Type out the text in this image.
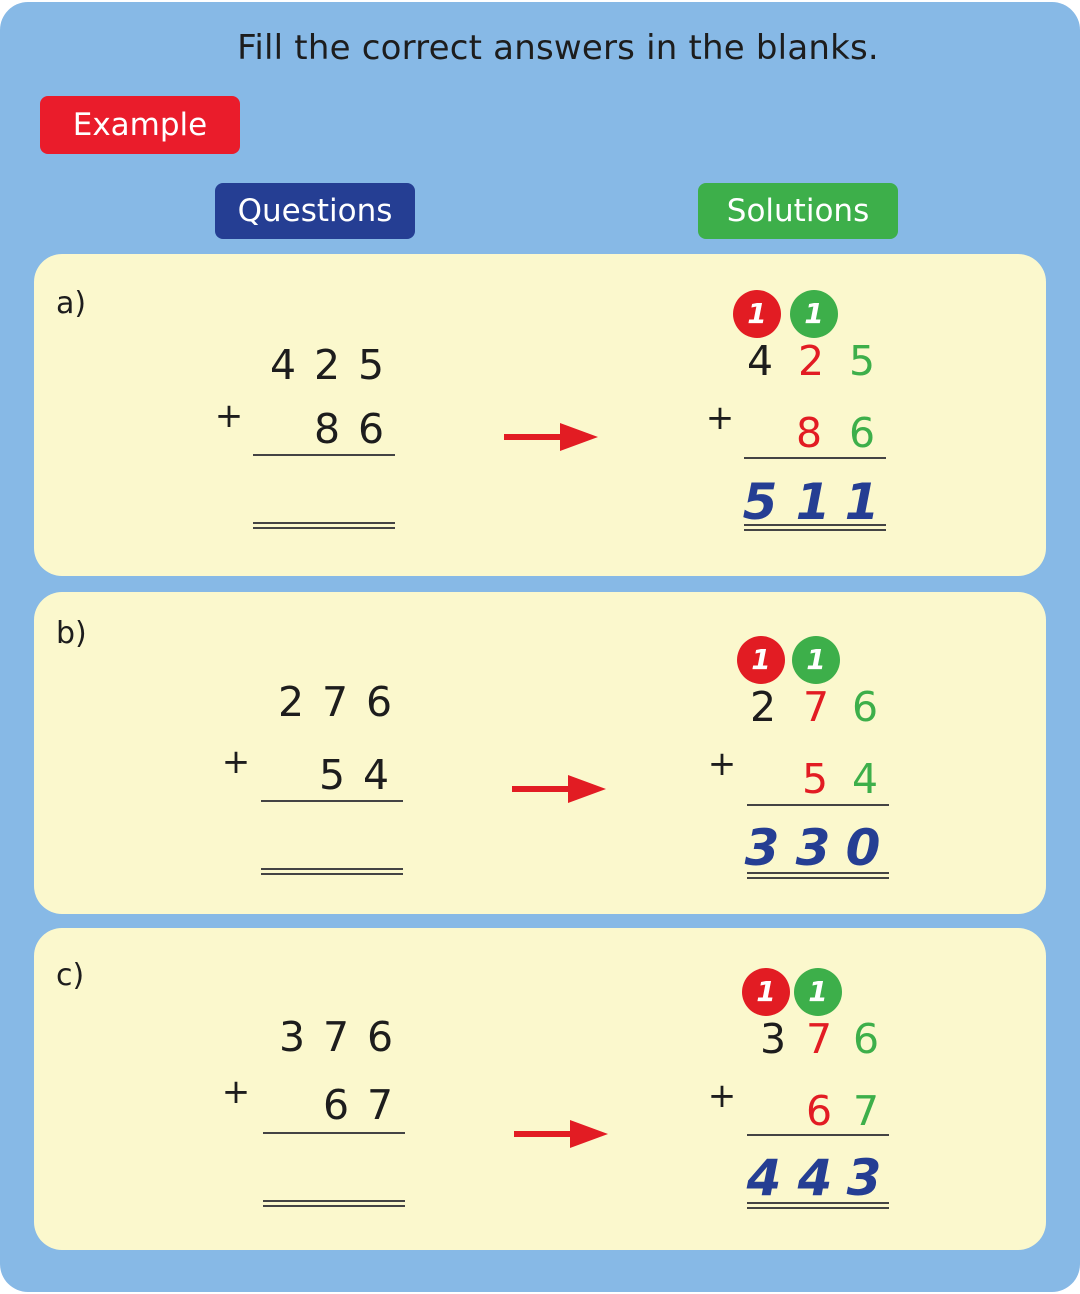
Fill the correct answers in the blanks.
Example
Questions	Solutions
a)
4 2 5
+ 8 6
1	1
4 2 5
+ 8 6
5 1 1
b)
2 7 6
+ 5 4
1	1
2 7 6
+ 5 4
3 3 0
c)
3 7 6
+ 6 7
1	1
3 7 6
+ 6 7
4 4 3
